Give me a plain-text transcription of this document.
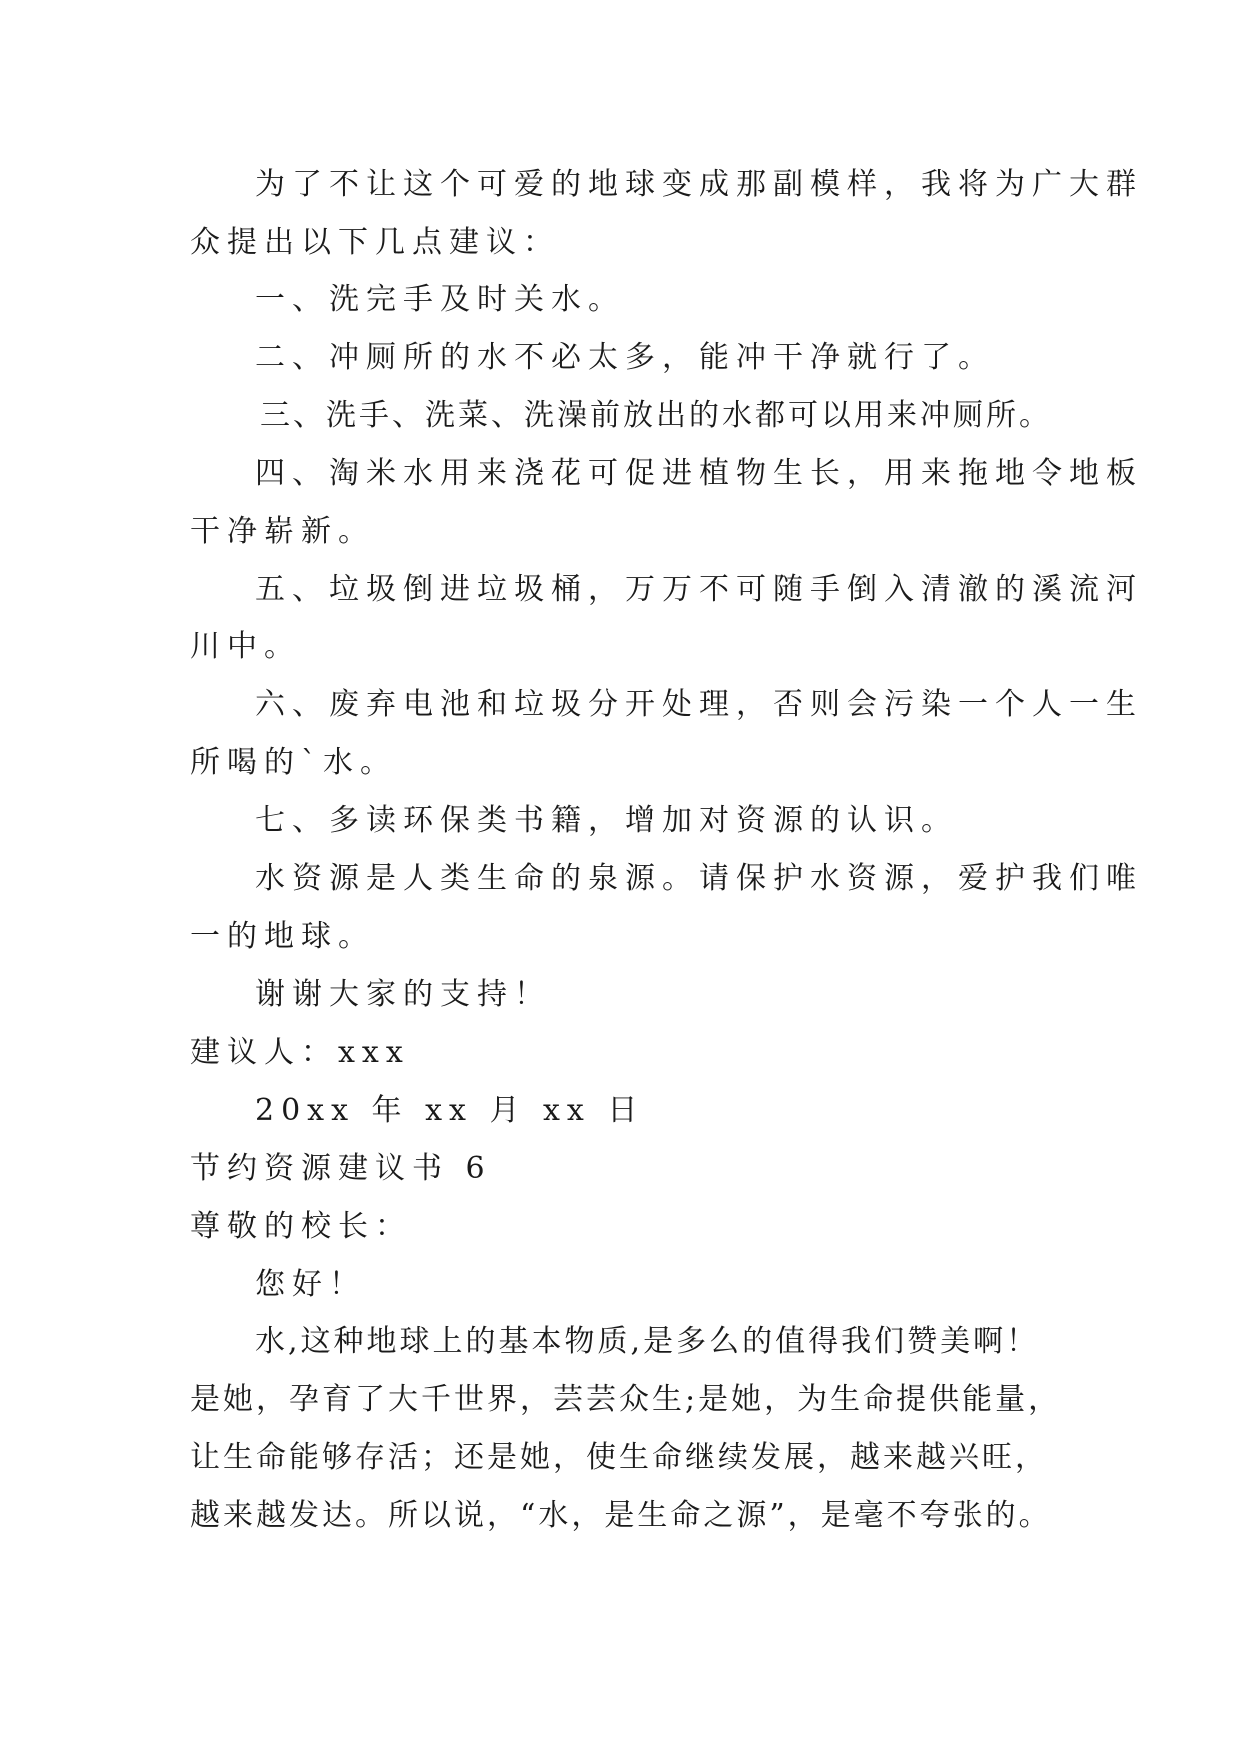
为了不让这个可爱的地球变成那副模样，我将为广大群
众提出以下几点建议：
一、洗完手及时关水。
二、冲厕所的水不必太多，能冲干净就行了。
三、洗手、洗菜、洗澡前放出的水都可以用来冲厕所。
四、淘米水用来浇花可促进植物生长，用来拖地令地板
干净崭新。
五、垃圾倒进垃圾桶，万万不可随手倒入清澈的溪流河
川中。
六、废弃电池和垃圾分开处理，否则会污染一个人一生
所喝的`水。
七、多读环保类书籍，增加对资源的认识。
水资源是人类生命的泉源。请保护水资源，爱护我们唯
一的地球。
谢谢大家的支持！
建议人：xxx
20xx 年 xx 月 xx 日
节约资源建议书 6
尊敬的校长：
您好！
水,这种地球上的基本物质,是多么的值得我们赞美啊！
是她，孕育了大千世界，芸芸众生;是她，为生命提供能量，
让生命能够存活；还是她，使生命继续发展，越来越兴旺，
越来越发达。所以说，“水，是生命之源”，是毫不夸张的。
